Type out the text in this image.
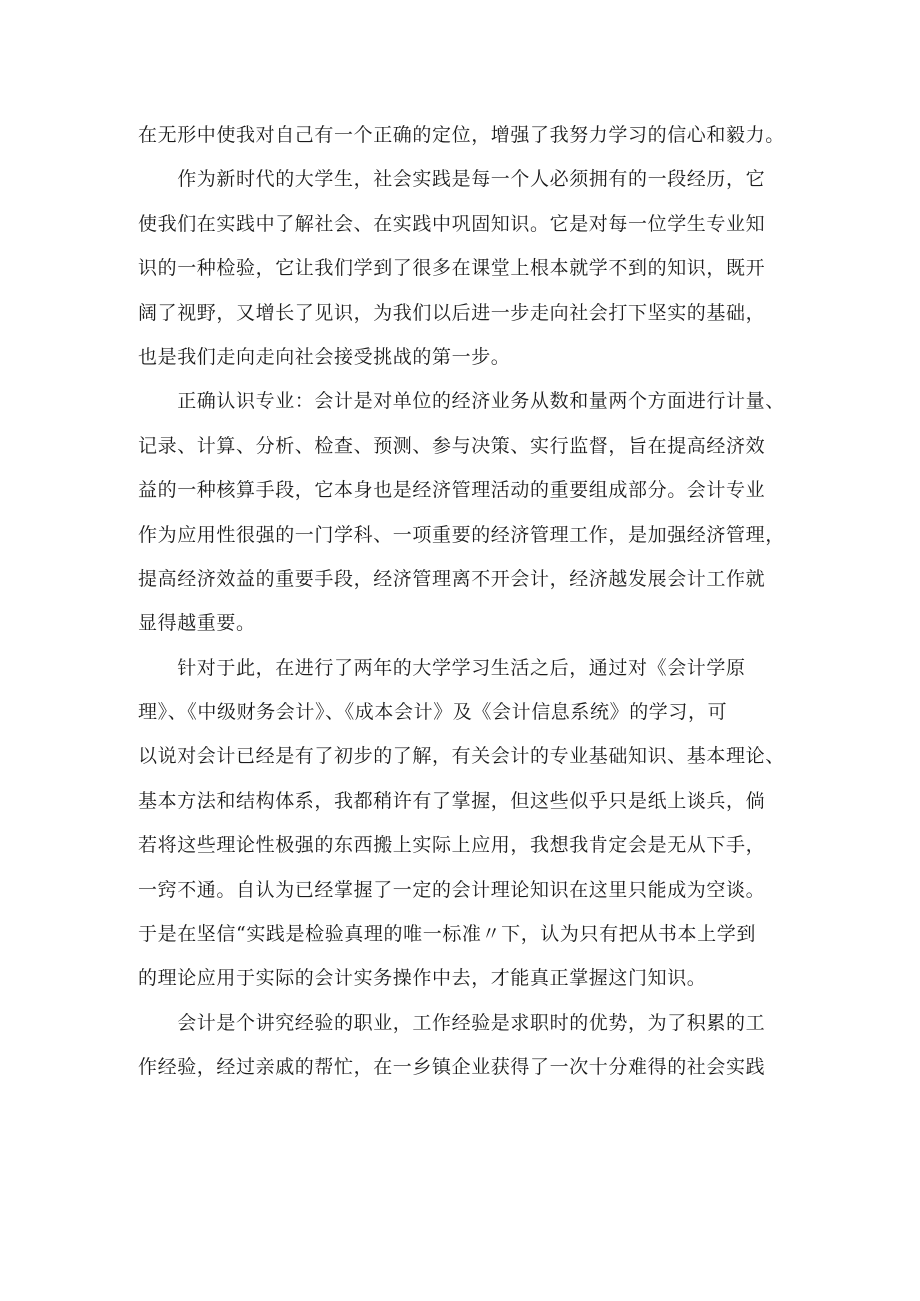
在无形中使我对自己有一个正确的定位，增强了我努力学习的信心和毅力。
　　作为新时代的大学生，社会实践是每一个人必须拥有的一段经历，它
使我们在实践中了解社会、在实践中巩固知识。它是对每一位学生专业知
识的一种检验，它让我们学到了很多在课堂上根本就学不到的知识，既开
阔了视野，又增长了见识，为我们以后进一步走向社会打下坚实的基础，
也是我们走向走向社会接受挑战的第一步。
　　正确认识专业：会计是对单位的经济业务从数和量两个方面进行计量、
记录、计算、分析、检查、预测、参与决策、实行监督，旨在提高经济效
益的一种核算手段，它本身也是经济管理活动的重要组成部分。会计专业
作为应用性很强的一门学科、一项重要的经济管理工作，是加强经济管理，
提高经济效益的重要手段，经济管理离不开会计，经济越发展会计工作就
显得越重要。
　　针对于此，在进行了两年的大学学习生活之后，通过对《会计学原
理》、《中级财务会计》、《成本会计》及《会计信息系统》的学习，可
以说对会计已经是有了初步的了解，有关会计的专业基础知识、基本理论、
基本方法和结构体系，我都稍许有了掌握，但这些似乎只是纸上谈兵，倘
若将这些理论性极强的东西搬上实际上应用，我想我肯定会是无从下手，
一窍不通。自认为已经掌握了一定的会计理论知识在这里只能成为空谈。
于是在坚信“实践是检验真理的唯一标准〃下，认为只有把从书本上学到
的理论应用于实际的会计实务操作中去，才能真正掌握这门知识。
　　会计是个讲究经验的职业，工作经验是求职时的优势，为了积累的工
作经验，经过亲戚的帮忙，在一乡镇企业获得了一次十分难得的社会实践
